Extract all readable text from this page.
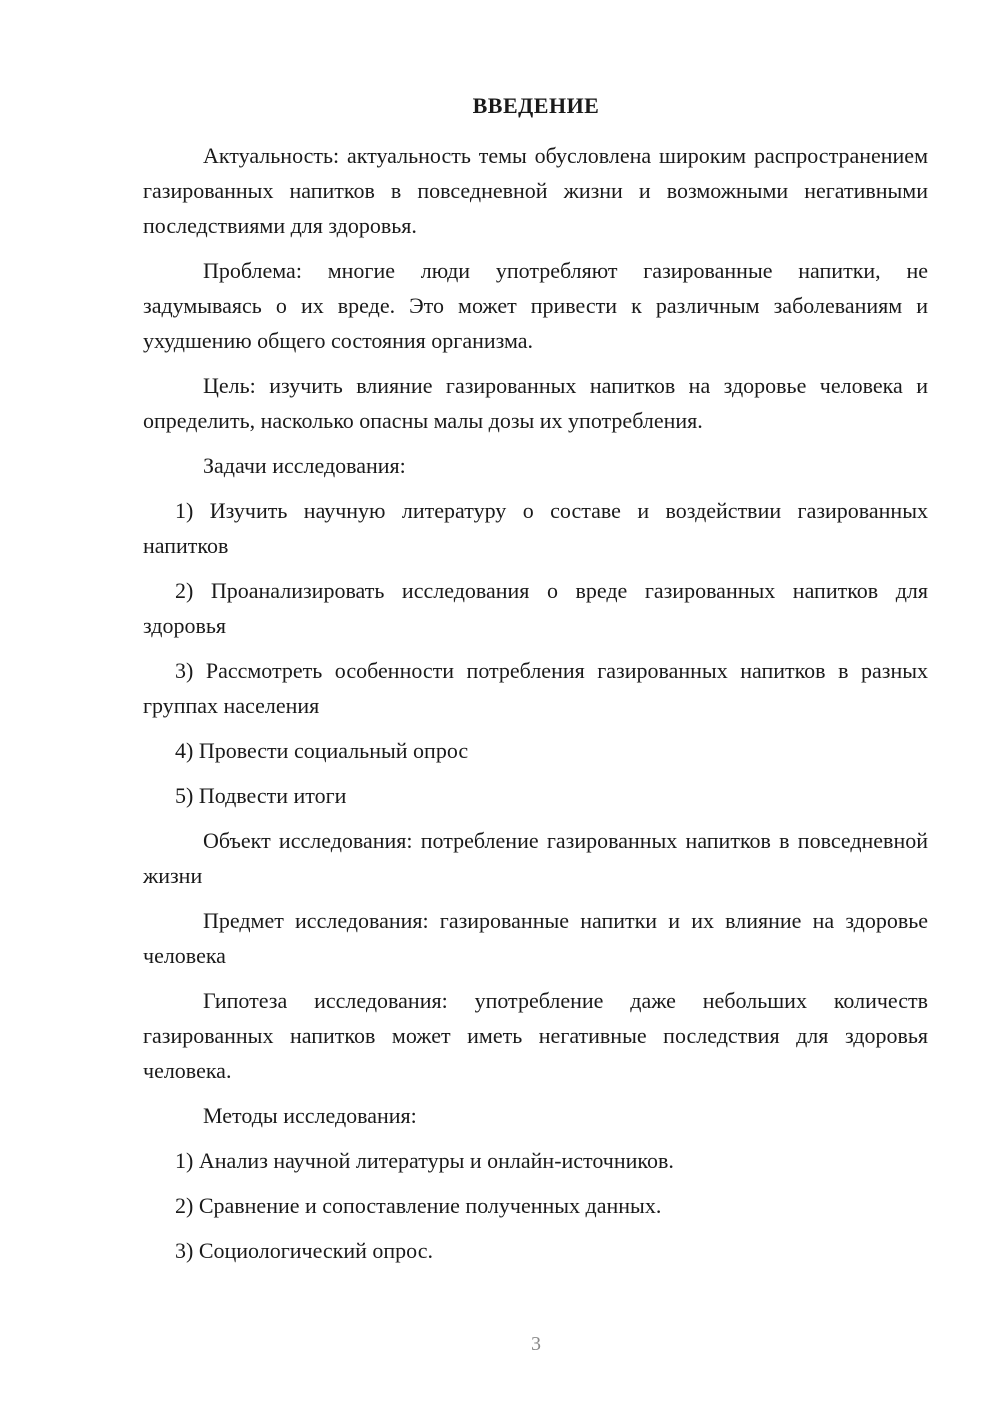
ВВЕДЕНИЕ

Актуальность: актуальность темы обусловлена широким распространением газированных напитков в повседневной жизни и возможными негативными последствиями для здоровья.

Проблема: многие люди употребляют газированные напитки, не задумываясь о их вреде. Это может привести к различным заболеваниям и ухудшению общего состояния организма.

Цель: изучить влияние газированных напитков на здоровье человека и определить, насколько опасны малы дозы их употребления.

Задачи исследования:

1) Изучить научную литературу о составе и воздействии газированных напитков

2) Проанализировать исследования о вреде газированных напитков для здоровья

3) Рассмотреть особенности потребления газированных напитков в разных группах населения

4) Провести социальный опрос

5) Подвести итоги

Объект исследования: потребление газированных напитков в повседневной жизни

Предмет исследования: газированные напитки и их влияние на здоровье человека

Гипотеза исследования: употребление даже небольших количеств газированных напитков может иметь негативные последствия для здоровья человека.

Методы исследования:

1) Анализ научной литературы и онлайн-источников.

2) Сравнение и сопоставление полученных данных.

3) Социологический опрос.

3
